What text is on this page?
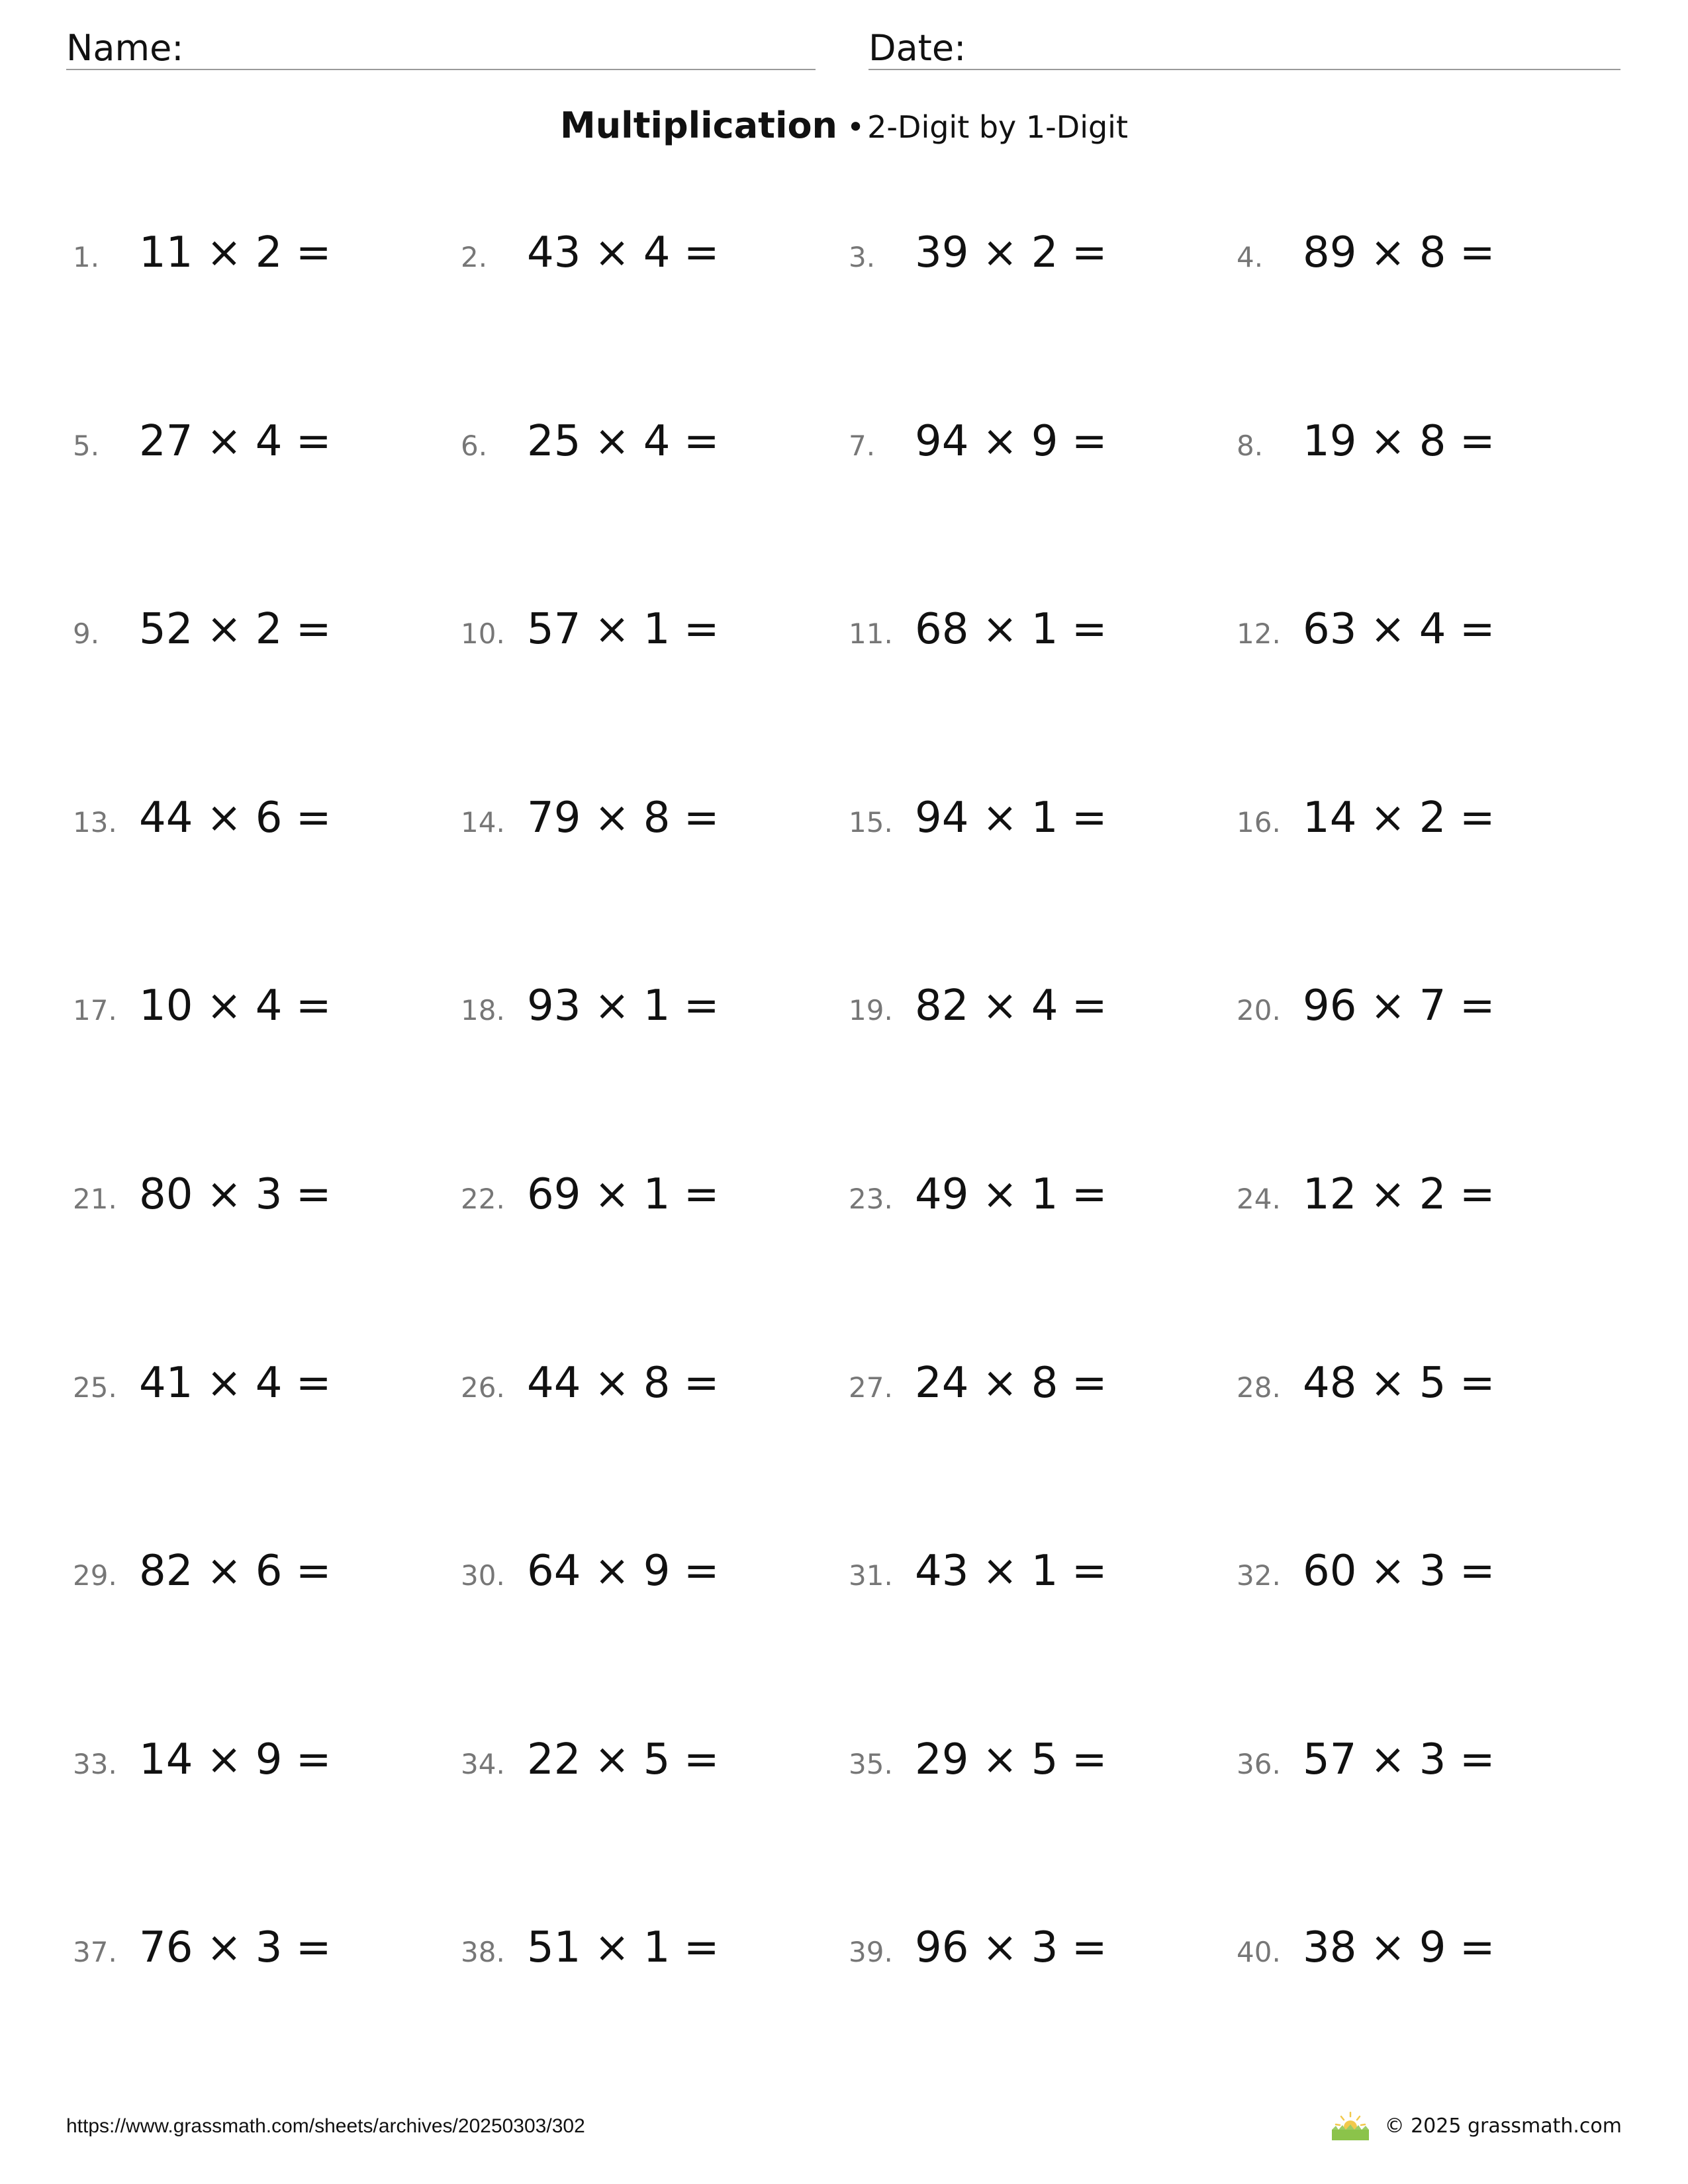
Name:	Date:
Multiplication •2-Digit by 1-Digit
1. 11 × 2 =	2. 43 × 4 =	3. 39 × 2 =	4. 89 × 8 =
5. 27 × 4 =	6. 25 × 4 =	7. 94 × 9 =	8. 19 × 8 =
9. 52 × 2 =	10. 57 × 1 =	11. 68 × 1 =	12. 63 × 4 =
13. 44 × 6 =	14. 79 × 8 =	15. 94 × 1 =	16. 14 × 2 =
17. 10 × 4 =	18. 93 × 1 =	19. 82 × 4 =	20. 96 × 7 =
21. 80 × 3 =	22. 69 × 1 =	23. 49 × 1 =	24. 12 × 2 =
25. 41 × 4 =	26. 44 × 8 =	27. 24 × 8 =	28. 48 × 5 =
29. 82 × 6 =	30. 64 × 9 =	31. 43 × 1 =	32. 60 × 3 =
33. 14 × 9 =	34. 22 × 5 =	35. 29 × 5 =	36. 57 × 3 =
37. 76 × 3 =	38. 51 × 1 =	39. 96 × 3 =	40. 38 × 9 =
https://www.grassmath.com/sheets/archives/20250303/302	© 2025 grassmath.com
